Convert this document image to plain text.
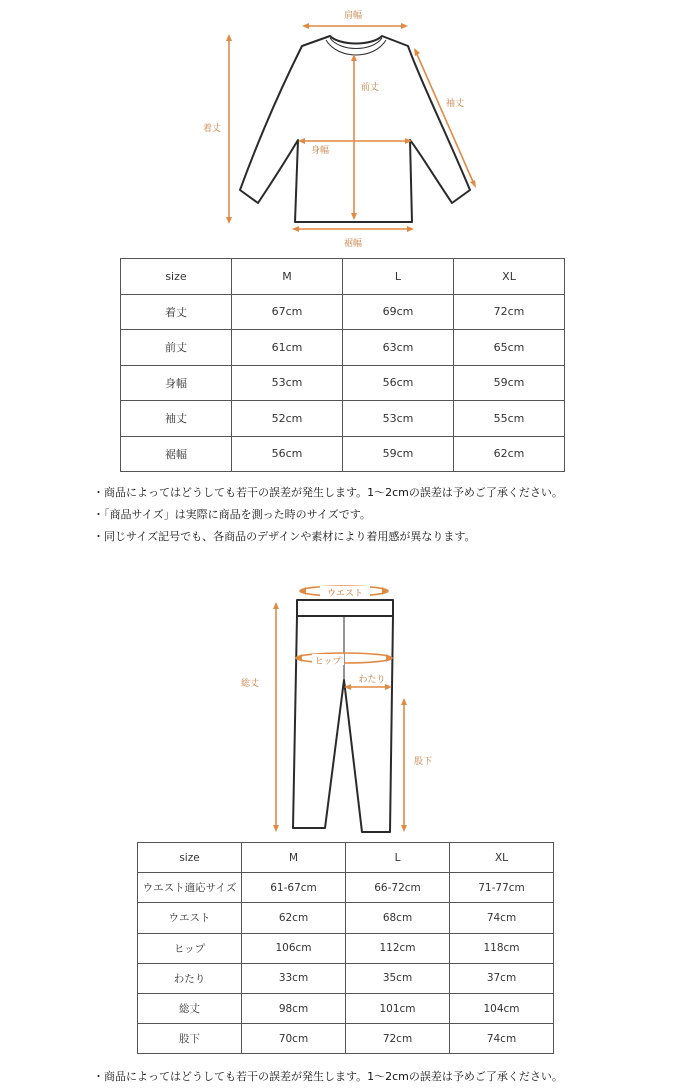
肩幅
前丈
袖丈
着丈
身幅
裾幅
size	M	L	XL
着丈	67cm	69cm	72cm
前丈	61cm	63cm	65cm
身幅	53cm	56cm	59cm
袖丈	52cm	53cm	55cm
裾幅	56cm	59cm	62cm
・商品によってはどうしても若干の誤差が発生します。1〜2cmの誤差は予めご了承ください。
・「商品サイズ」は実際に商品を測った時のサイズです。
・同じサイズ記号でも、各商品のデザインや素材により着用感が異なります。
ウエスト
ヒップ
わたり
総丈
股下
size	M	L	XL
ウエスト適応サイズ	61-67cm	66-72cm	71-77cm
ウエスト	62cm	68cm	74cm
ヒップ	106cm	112cm	118cm
わたり	33cm	35cm	37cm
総丈	98cm	101cm	104cm
股下	70cm	72cm	74cm
・商品によってはどうしても若干の誤差が発生します。1〜2cmの誤差は予めご了承ください。
